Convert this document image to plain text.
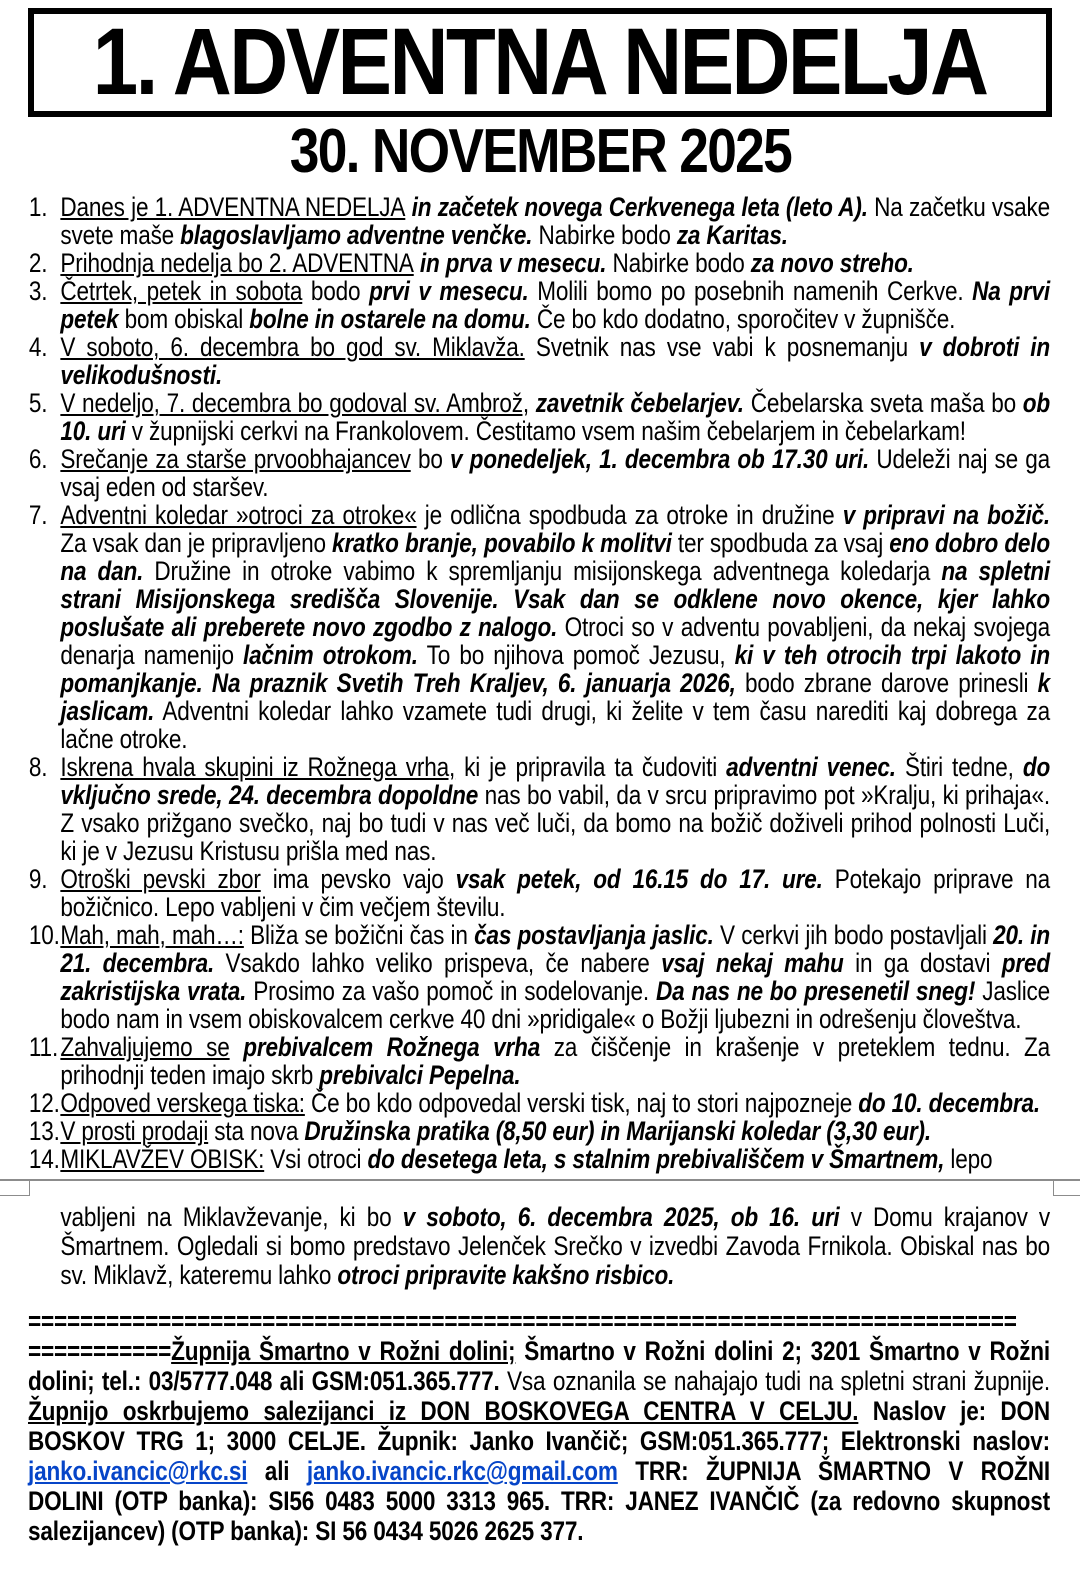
1. ADVENTNA NEDELJA
30. NOVEMBER 2025
1. Danes je 1. ADVENTNA NEDELJA in začetek novega Cerkvenega leta (leto A). Na začetku vsake svete maše blagoslavljamo adventne venčke. Nabirke bodo za Karitas.
2. Prihodnja nedelja bo 2. ADVENTNA in prva v mesecu. Nabirke bodo za novo streho.
3. Četrtek, petek in sobota bodo prvi v mesecu. Molili bomo po posebnih namenih Cerkve. Na prvi petek bom obiskal bolne in ostarele na domu. Če bo kdo dodatno, sporočitev v župnišče.
4. V soboto, 6. decembra bo god sv. Miklavža. Svetnik nas vse vabi k posnemanju v dobroti in velikodušnosti.
5. V nedeljo, 7. decembra bo godoval sv. Ambrož, zavetnik čebelarjev. Čebelarska sveta maša bo ob 10. uri v župnijski cerkvi na Frankolovem. Čestitamo vsem našim čebelarjem in čebelarkam!
6. Srečanje za starše prvoobhajancev bo v ponedeljek, 1. decembra ob 17.30 uri. Udeleži naj se ga vsaj eden od staršev.
7. Adventni koledar »otroci za otroke« je odlična spodbuda za otroke in družine v pripravi na božič. Za vsak dan je pripravljeno kratko branje, povabilo k molitvi ter spodbuda za vsaj eno dobro delo na dan. Družine in otroke vabimo k spremljanju misijonskega adventnega koledarja na spletni strani Misijonskega središča Slovenije. Vsak dan se odklene novo okence, kjer lahko poslušate ali preberete novo zgodbo z nalogo. Otroci so v adventu povabljeni, da nekaj svojega denarja namenijo lačnim otrokom. To bo njihova pomoč Jezusu, ki v teh otrocih trpi lakoto in pomanjkanje. Na praznik Svetih Treh Kraljev, 6. januarja 2026, bodo zbrane darove prinesli k jaslicam. Adventni koledar lahko vzamete tudi drugi, ki želite v tem času narediti kaj dobrega za lačne otroke.
8. Iskrena hvala skupini iz Rožnega vrha, ki je pripravila ta čudoviti adventni venec. Štiri tedne, do vključno srede, 24. decembra dopoldne nas bo vabil, da v srcu pripravimo pot »Kralju, ki prihaja«. Z vsako prižgano svečko, naj bo tudi v nas več luči, da bomo na božič doživeli prihod polnosti Luči, ki je v Jezusu Kristusu prišla med nas.
9. Otroški pevski zbor ima pevsko vajo vsak petek, od 16.15 do 17. ure. Potekajo priprave na božičnico. Lepo vabljeni v čim večjem številu.
10. Mah, mah, mah…: Bliža se božični čas in čas postavljanja jaslic. V cerkvi jih bodo postavljali 20. in 21. decembra. Vsakdo lahko veliko prispeva, če nabere vsaj nekaj mahu in ga dostavi pred zakristijska vrata. Prosimo za vašo pomoč in sodelovanje. Da nas ne bo presenetil sneg! Jaslice bodo nam in vsem obiskovalcem cerkve 40 dni »pridigale« o Božji ljubezni in odrešenju človeštva.
11. Zahvaljujemo se prebivalcem Rožnega vrha za čiščenje in krašenje v preteklem tednu. Za prihodnji teden imajo skrb prebivalci Pepelna.
12. Odpoved verskega tiska: Če bo kdo odpovedal verski tisk, naj to stori najpozneje do 10. decembra.
13. V prosti prodaji sta nova Družinska pratika (8,50 eur) in Marijanski koledar (3,30 eur).
14. MIKLAVŽEV OBISK: Vsi otroci do desetega leta, s stalnim prebivališčem v Šmartnem, lepo
vabljeni na Miklavževanje, ki bo v soboto, 6. decembra 2025, ob 16. uri v Domu krajanov v Šmartnem. Ogledali si bomo predstavo Jelenček Srečko v izvedbi Zavoda Frnikola. Obiskal nas bo sv. Miklavž, kateremu lahko otroci pripravite kakšno risbico.
============================================================================
===========Župnija Šmartno v Rožni dolini; Šmartno v Rožni dolini 2; 3201 Šmartno v Rožni dolini; tel.: 03/5777.048 ali GSM:051.365.777. Vsa oznanila se nahajajo tudi na spletni strani župnije. Župnijo oskrbujemo salezijanci iz DON BOSKOVEGA CENTRA V CELJU. Naslov je: DON BOSKOV TRG 1; 3000 CELJE. Župnik: Janko Ivančič; GSM:051.365.777; Elektronski naslov: janko.ivancic@rkc.si ali janko.ivancic.rkc@gmail.com TRR: ŽUPNIJA ŠMARTNO V ROŽNI DOLINI (OTP banka): SI56 0483 5000 3313 965. TRR: JANEZ IVANČIČ (za redovno skupnost salezijancev) (OTP banka): SI 56 0434 5026 2625 377.
